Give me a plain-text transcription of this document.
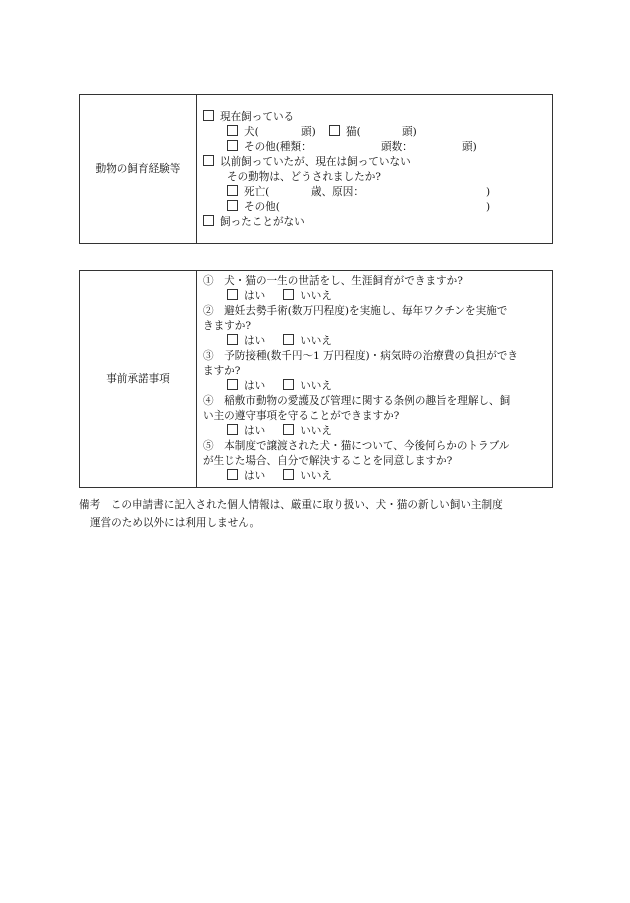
動物の飼育経験等
現在飼っている
犬(	頭)	猫(	頭)
その他(種類：	頭数：	頭)
以前飼っていたが、現在は飼っていない
その動物は、どうされましたか?
死亡(	歳、原因：	)
その他(	)
飼ったことがない
事前承諾事項
①　犬・猫の一生の世話をし、生涯飼育ができますか?
はい	いいえ
②　避妊去勢手術(数万円程度)を実施し、毎年ワクチンを実施で
きますか?
はい	いいえ
③　予防接種(数千円～1 万円程度)・病気時の治療費の負担ができ
ますか?
はい	いいえ
④　稲敷市動物の愛護及び管理に関する条例の趣旨を理解し、飼
い主の遵守事項を守ることができますか?
はい	いいえ
⑤　本制度で譲渡された犬・猫について、今後何らかのトラブル
が生じた場合、自分で解決することを同意しますか?
はい	いいえ
備考　この申請書に記入された個人情報は、厳重に取り扱い、犬・猫の新しい飼い主制度
運営のため以外には利用しません。
